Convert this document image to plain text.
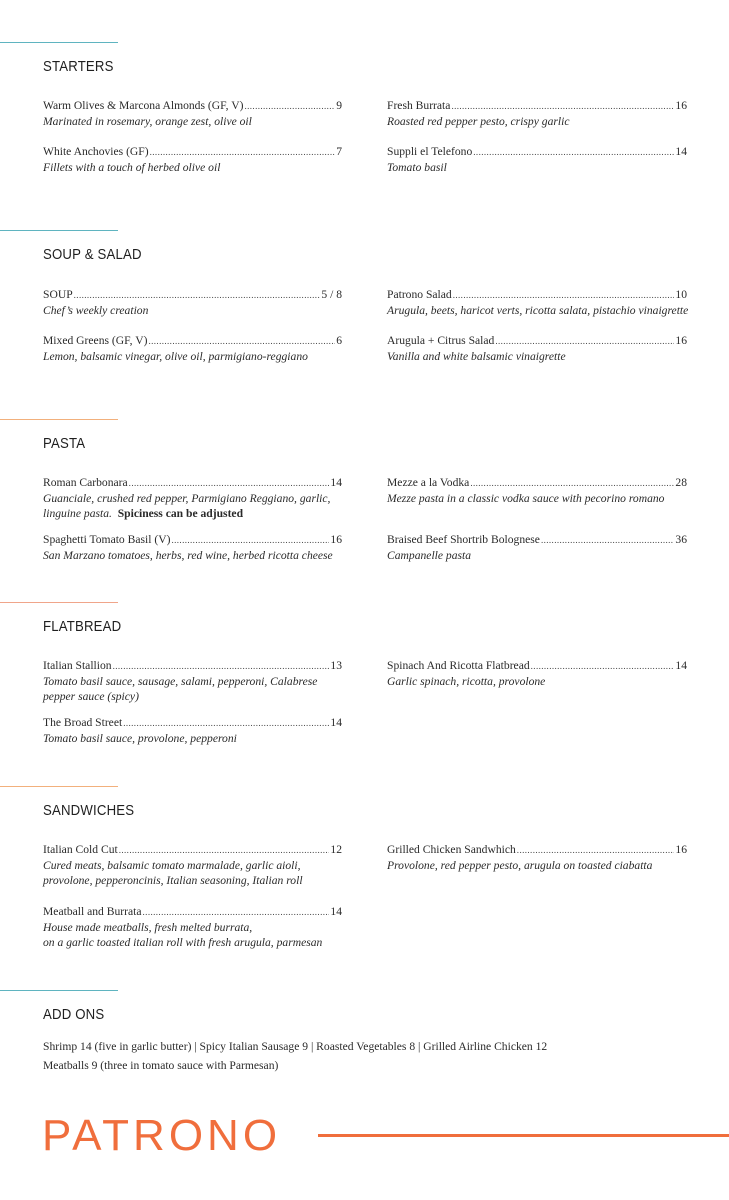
STARTERS
Warm Olives & Marcona Almonds (GF, V) .....	9
Marinated in rosemary, orange zest, olive oil
White Anchovies (GF) .....	7
Fillets with a touch of herbed olive oil
Fresh Burrata .....	16
Roasted red pepper pesto, crispy garlic
Suppli el Telefono .....	14
Tomato basil
SOUP & SALAD
SOUP .....	5 / 8
Chef’s weekly creation
Mixed Greens (GF, V) .....	6
Lemon, balsamic vinegar, olive oil, parmigiano-reggiano
Patrono Salad .....	10
Arugula, beets, haricot verts, ricotta salata, pistachio vinaigrette
Arugula + Citrus Salad .....	16
Vanilla and white balsamic vinaigrette
PASTA
Roman Carbonara .....	14
Guanciale, crushed red pepper, Parmigiano Reggiano, garlic, linguine pasta. Spiciness can be adjusted
Spaghetti Tomato Basil (V) .....	16
San Marzano tomatoes, herbs, red wine, herbed ricotta cheese
Mezze a la Vodka .....	28
Mezze pasta in a classic vodka sauce with pecorino romano
Braised Beef Shortrib Bolognese .....	36
Campanelle pasta
FLATBREAD
Italian Stallion .....	13
Tomato basil sauce, sausage, salami, pepperoni, Calabrese pepper sauce (spicy)
The Broad Street .....	14
Tomato basil sauce, provolone, pepperoni
Spinach And Ricotta Flatbread .....	14
Garlic spinach, ricotta, provolone
SANDWICHES
Italian Cold Cut .....	12
Cured meats, balsamic tomato marmalade, garlic aioli, provolone, pepperoncinis, Italian seasoning, Italian roll
Meatball and Burrata .....	14
House made meatballs, fresh melted burrata,
on a garlic toasted italian roll with fresh arugula, parmesan
Grilled Chicken Sandwhich .....	16
Provolone, red pepper pesto, arugula on toasted ciabatta
ADD ONS
Shrimp 14 (five in garlic butter) | Spicy Italian Sausage 9 | Roasted Vegetables 8 | Grilled Airline Chicken 12
Meatballs 9 (three in tomato sauce with Parmesan)
PATRONO
